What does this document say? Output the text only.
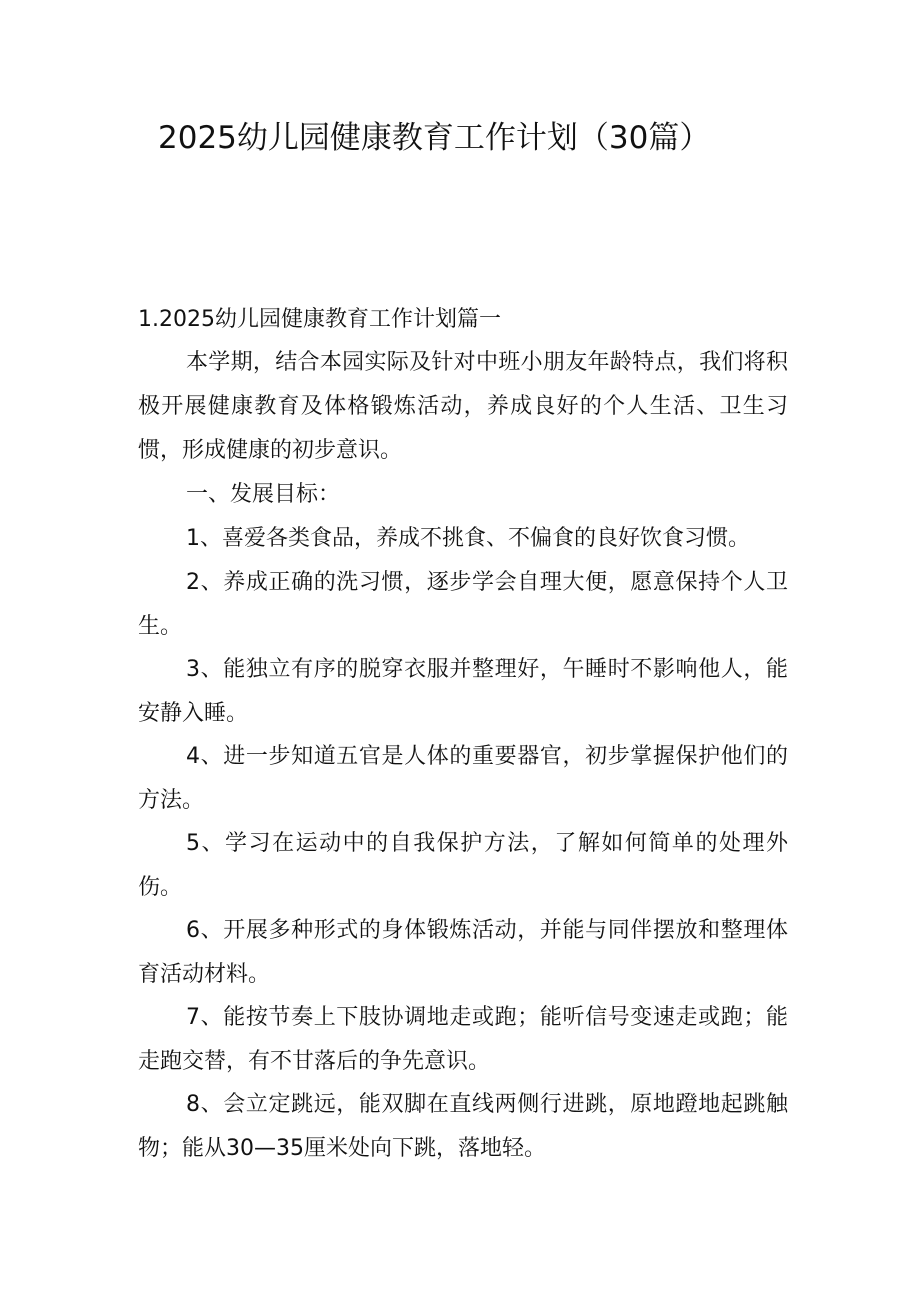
2025幼儿园健康教育工作计划（30篇）
1.2025幼儿园健康教育工作计划篇一
本学期，结合本园实际及针对中班小朋友年龄特点，我们将积极开展健康教育及体格锻炼活动，养成良好的个人生活、卫生习惯，形成健康的初步意识。
一、发展目标：
1、喜爱各类食品，养成不挑食、不偏食的良好饮食习惯。
2、养成正确的洗习惯，逐步学会自理大便，愿意保持个人卫生。
3、能独立有序的脱穿衣服并整理好，午睡时不影响他人，能安静入睡。
4、进一步知道五官是人体的重要器官，初步掌握保护他们的方法。
5、学习在运动中的自我保护方法，了解如何简单的处理外伤。
6、开展多种形式的身体锻炼活动，并能与同伴摆放和整理体育活动材料。
7、能按节奏上下肢协调地走或跑；能听信号变速走或跑；能走跑交替，有不甘落后的争先意识。
8、会立定跳远，能双脚在直线两侧行进跳，原地蹬地起跳触物；能从30—35厘米处向下跳，落地轻。
